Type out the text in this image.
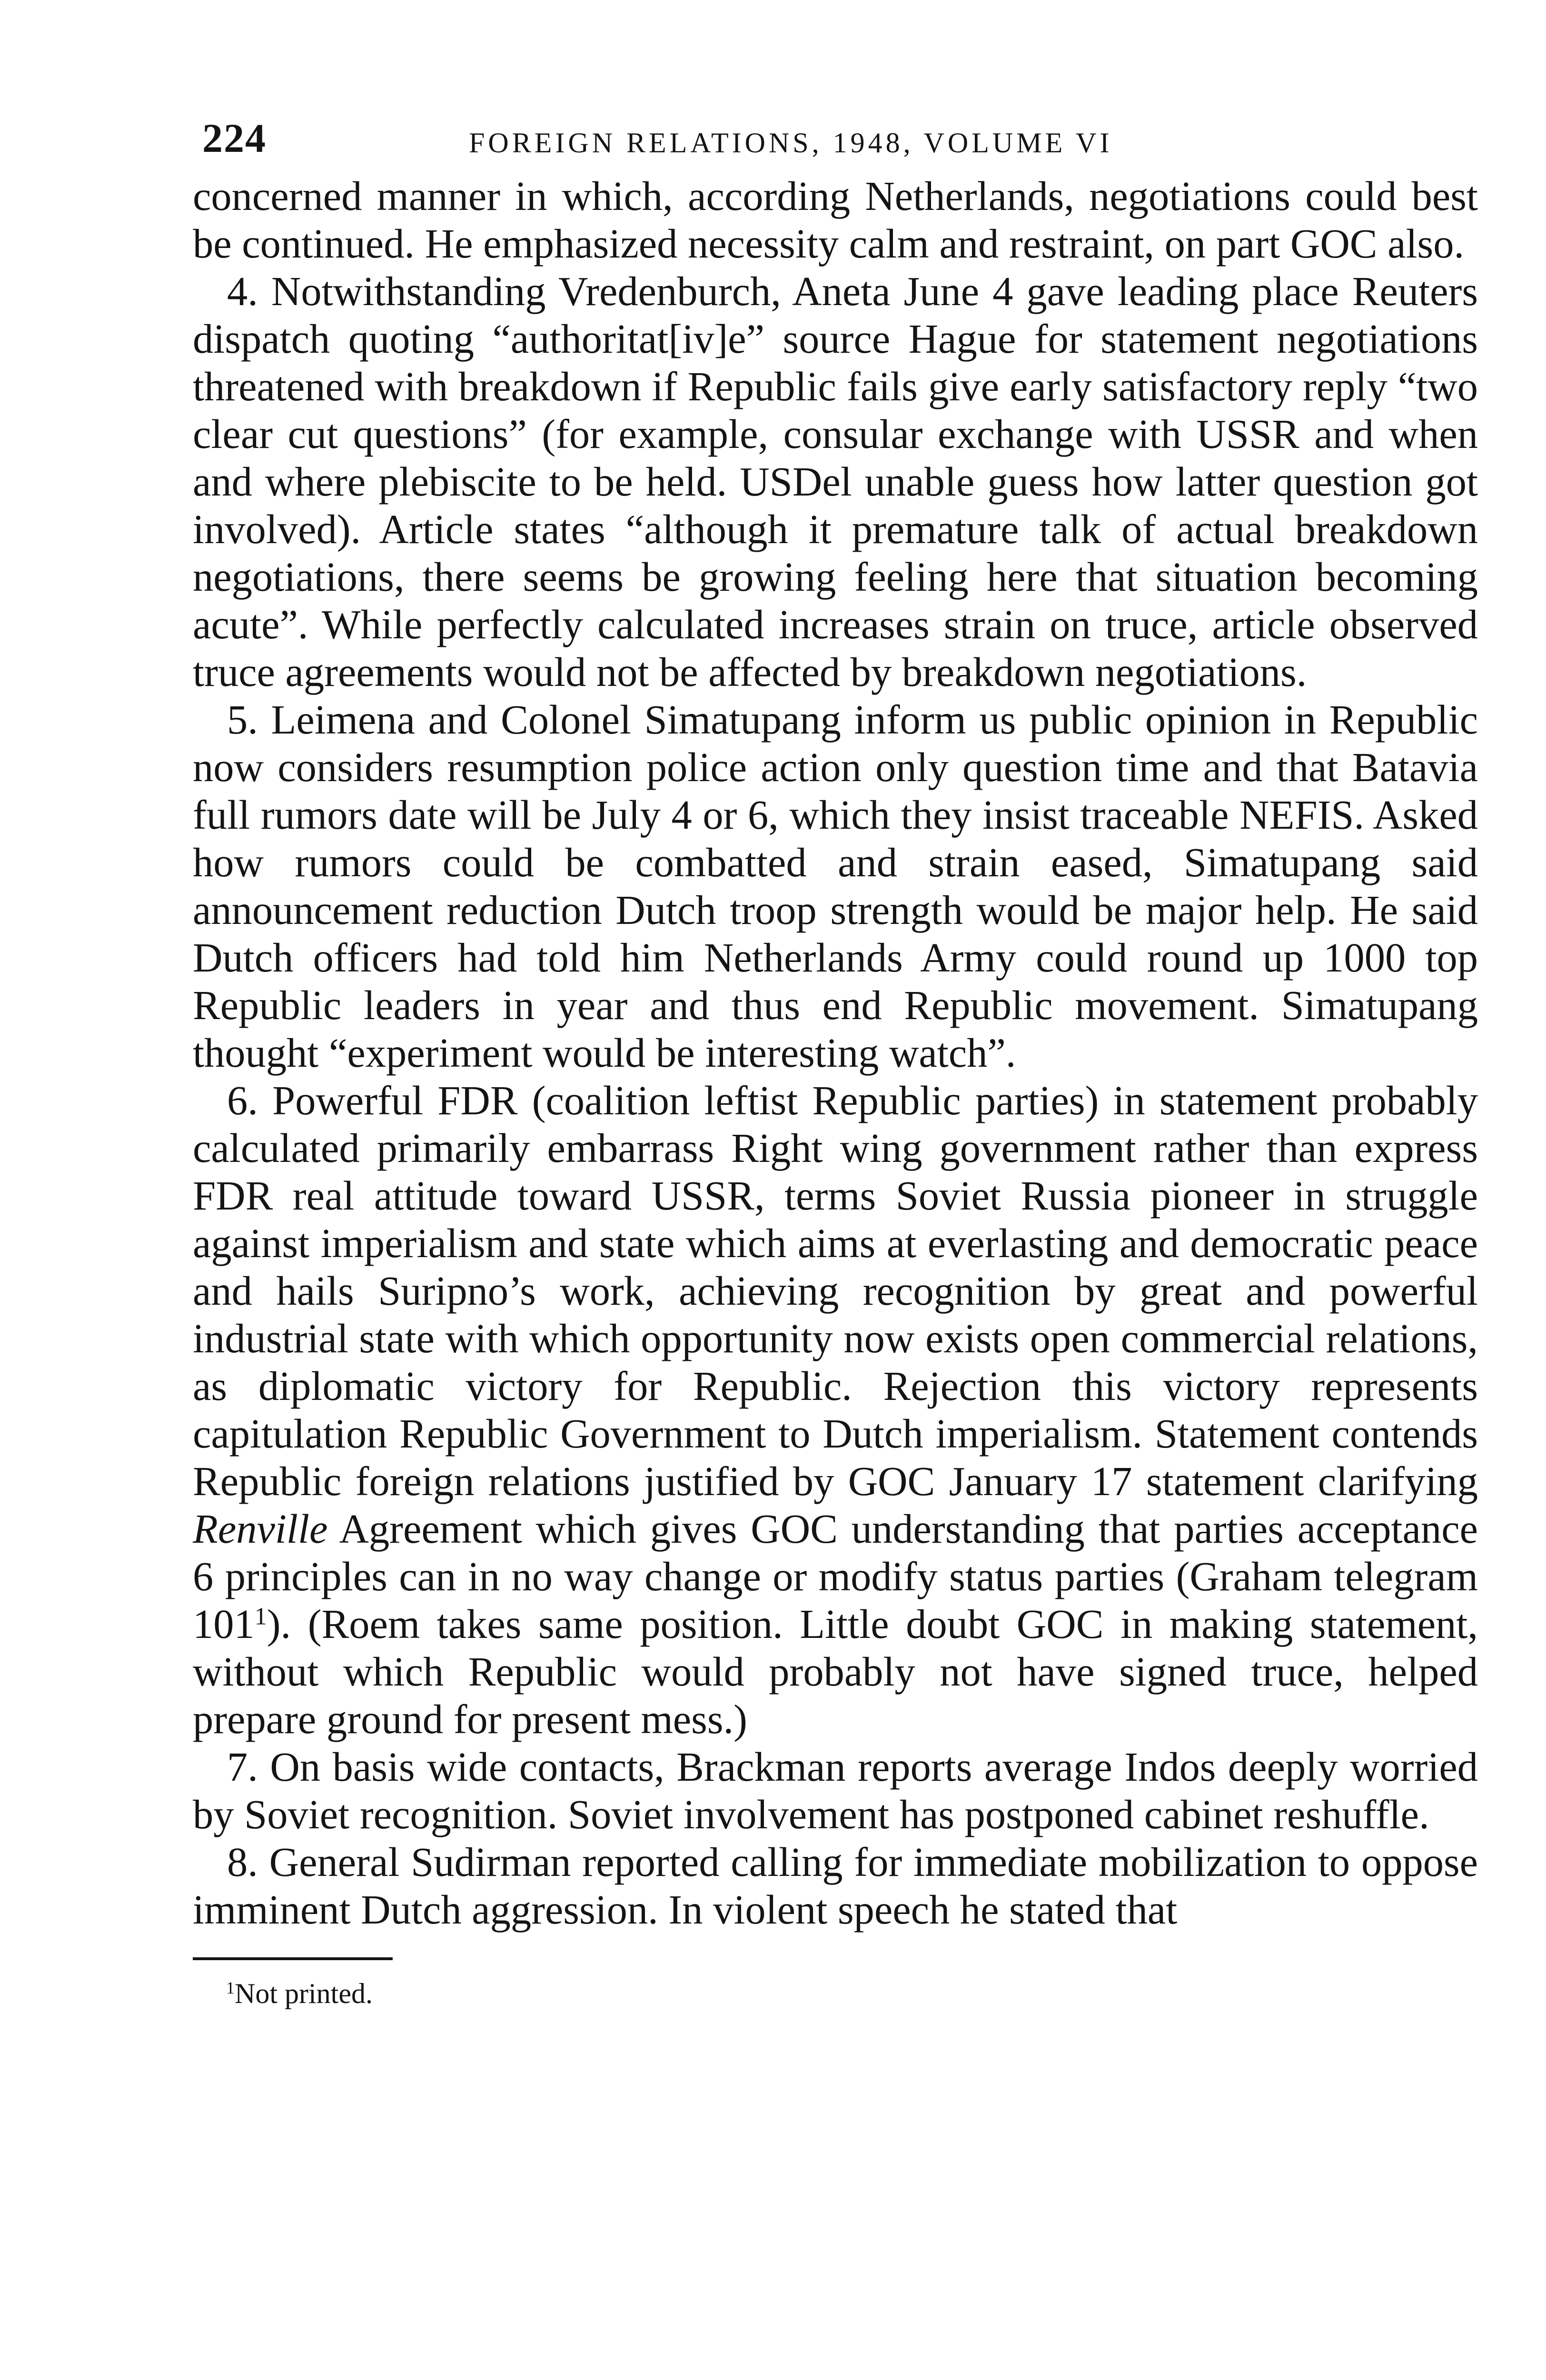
224	FOREIGN RELATIONS, 1948, VOLUME VI

concerned manner in which, according Netherlands, negotiations could best be continued. He emphasized necessity calm and restraint, on part GOC also.

4. Notwithstanding Vredenburch, Aneta June 4 gave leading place Reuters dispatch quoting “authoritat[iv]e” source Hague for statement negotiations threatened with breakdown if Republic fails give early satisfactory reply “two clear cut questions” (for example, consular exchange with USSR and when and where plebiscite to be held. USDel unable guess how latter question got involved). Article states “although it premature talk of actual breakdown negotiations, there seems be growing feeling here that situation becoming acute”. While perfectly calculated increases strain on truce, article observed truce agreements would not be affected by breakdown negotiations.

5. Leimena and Colonel Simatupang inform us public opinion in Republic now considers resumption police action only question time and that Batavia full rumors date will be July 4 or 6, which they insist traceable NEFIS. Asked how rumors could be combatted and strain eased, Simatupang said announcement reduction Dutch troop strength would be major help. He said Dutch officers had told him Netherlands Army could round up 1000 top Republic leaders in year and thus end Republic movement. Simatupang thought “experiment would be interesting watch”.

6. Powerful FDR (coalition leftist Republic parties) in statement probably calculated primarily embarrass Right wing government rather than express FDR real attitude toward USSR, terms Soviet Russia pioneer in struggle against imperialism and state which aims at everlasting and democratic peace and hails Suripno’s work, achieving recognition by great and powerful industrial state with which opportunity now exists open commercial relations, as diplomatic victory for Republic. Rejection this victory represents capitulation Republic Government to Dutch imperialism. Statement contends Republic foreign relations justified by GOC January 17 statement clarifying Renville Agreement which gives GOC understanding that parties acceptance 6 principles can in no way change or modify status parties (Graham telegram $101^1$). (Roem takes same position. Little doubt GOC in making statement, without which Republic would probably not have signed truce, helped prepare ground for present mess.)

7. On basis wide contacts, Brackman reports average Indos deeply worried by Soviet recognition. Soviet involvement has postponed cabinet reshuffle.

8. General Sudirman reported calling for immediate mobilization to oppose imminent Dutch aggression. In violent speech he stated that

$^1$Not printed.
